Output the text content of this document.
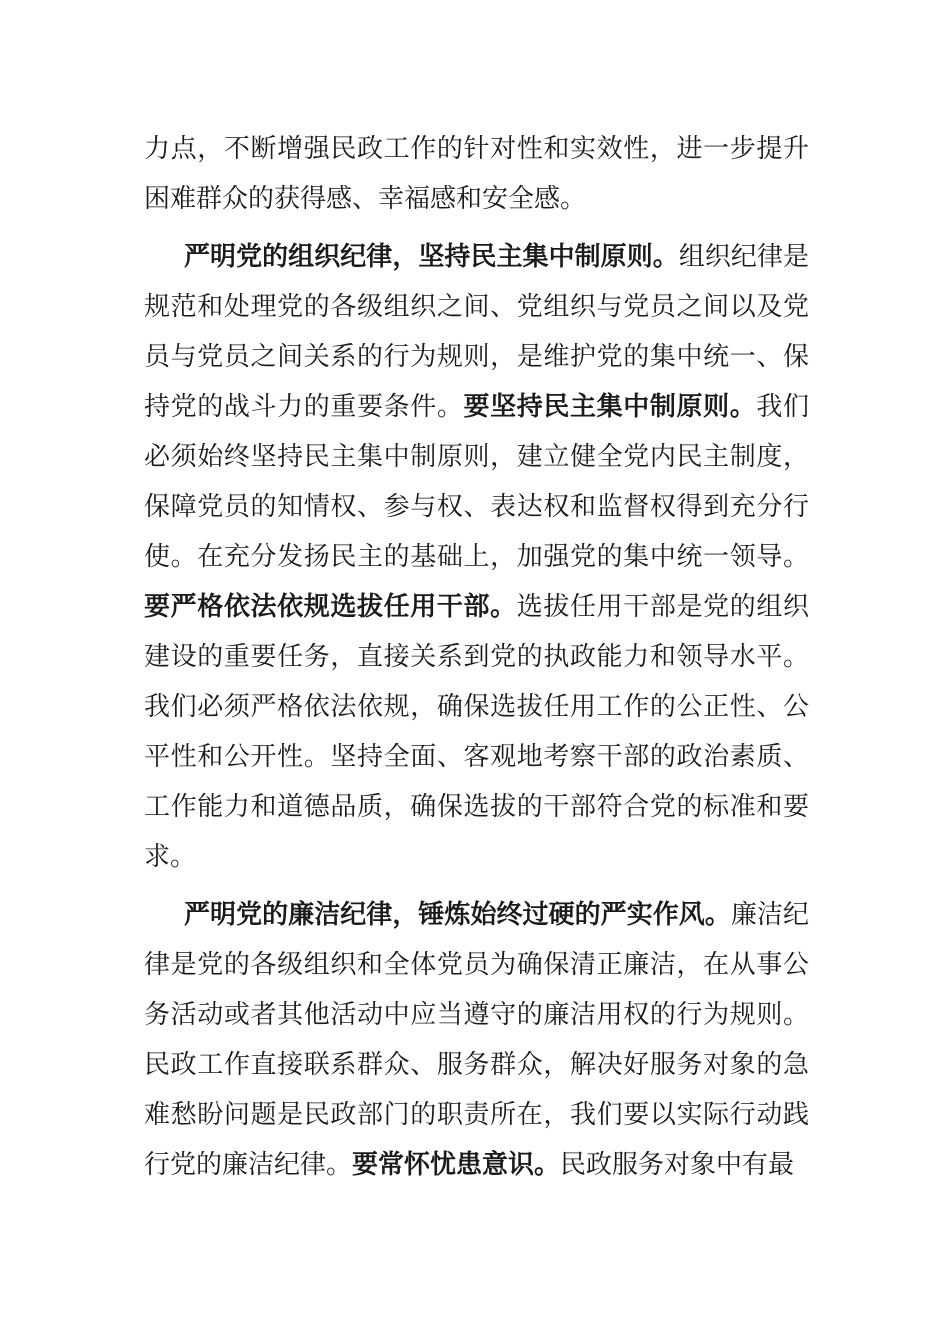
力点，不断增强民政工作的针对性和实效性，进一步提升困难群众的获得感、幸福感和安全感。

严明党的组织纪律，坚持民主集中制原则。组织纪律是规范和处理党的各级组织之间、党组织与党员之间以及党员与党员之间关系的行为规则，是维护党的集中统一、保持党的战斗力的重要条件。要坚持民主集中制原则。我们必须始终坚持民主集中制原则，建立健全党内民主制度，保障党员的知情权、参与权、表达权和监督权得到充分行使。在充分发扬民主的基础上，加强党的集中统一领导。要严格依法依规选拔任用干部。选拔任用干部是党的组织建设的重要任务，直接关系到党的执政能力和领导水平。我们必须严格依法依规，确保选拔任用工作的公正性、公平性和公开性。坚持全面、客观地考察干部的政治素质、工作能力和道德品质，确保选拔的干部符合党的标准和要求。

严明党的廉洁纪律，锤炼始终过硬的严实作风。廉洁纪律是党的各级组织和全体党员为确保清正廉洁，在从事公务活动或者其他活动中应当遵守的廉洁用权的行为规则。民政工作直接联系群众、服务群众，解决好服务对象的急难愁盼问题是民政部门的职责所在，我们要以实际行动践行党的廉洁纪律。要常怀忧患意识。民政服务对象中有最
